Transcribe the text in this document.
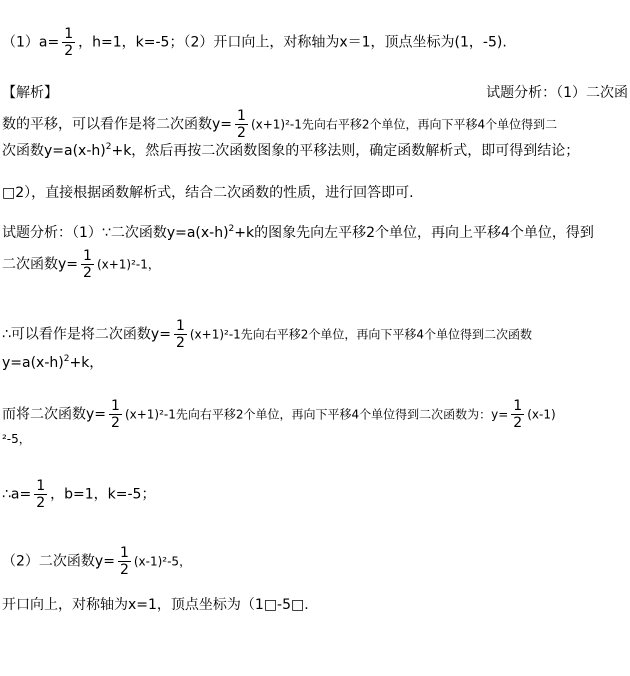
$(1)a= \frac{1}{2}$ ，h=1，k=-5；（2）开口向上，对称轴为x＝1，顶点坐标为(1，-5).
【解析】	试题分析：（1）二次函
数的平移，可以看作是将二次函数$y= \frac{1}{2} (x+1)^2-1$先向右平移2个单位，再向下平移4个单位得到二
次函数$y=a(x-h)^2+k$，然后再按二次函数图象的平移法则，确定函数解析式，即可得到结论；
□2），直接根据函数解析式，结合二次函数的性质，进行回答即可.
试题分析：（1）∵二次函数$y=a(x-h)^2+k$的图象先向左平移2个单位，再向上平移4个单位，得到
二次函数$y= \frac{1}{2} (x+1)^2-1$，
∴可以看作是将二次函数$y= \frac{1}{2} (x+1)^2-1$先向右平移2个单位，再向下平移4个单位得到二次函数
$y=a(x-h)^2+k$，
而将二次函数$y= \frac{1}{2} (x+1)^2-1$先向右平移2个单位，再向下平移4个单位得到二次函数为：$y= \frac{1}{2} (x-1)$
²-5，
∴a= $\frac{1}{2}$ ，b=1，k=-5；
（2）二次函数$y= \frac{1}{2} (x-1)^2-5$，
开口向上，对称轴为x=1，顶点坐标为（1□-5□.
